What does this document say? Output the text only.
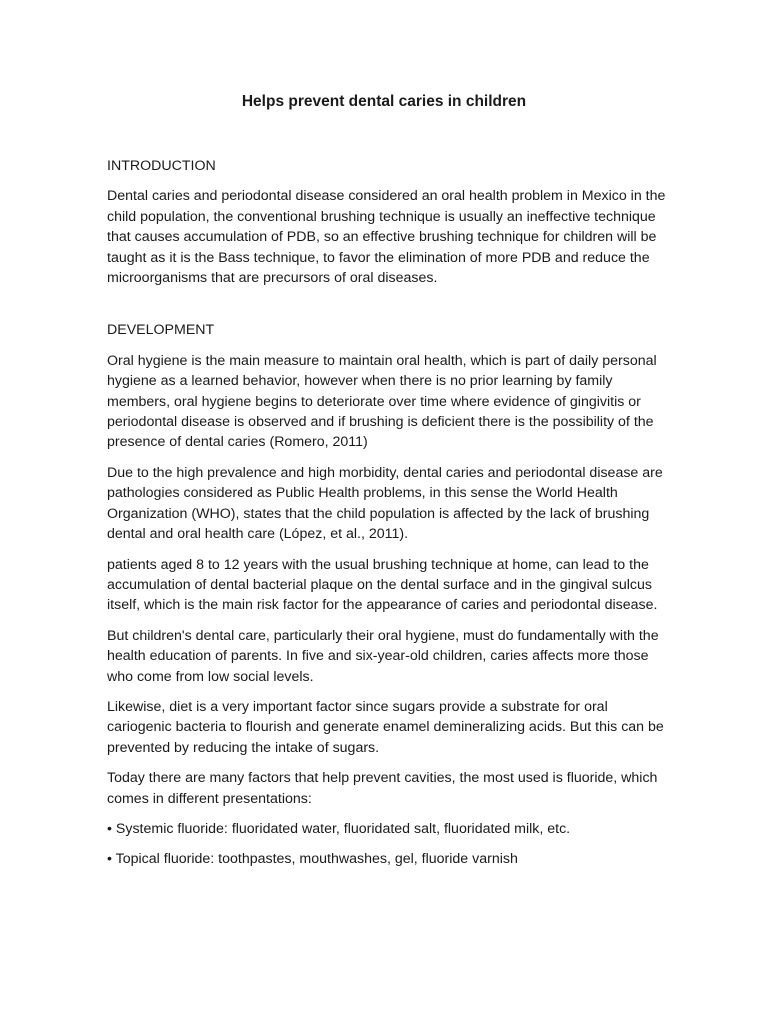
Helps prevent dental caries in children
INTRODUCTION

Dental caries and periodontal disease considered an oral health problem in Mexico in the child population, the conventional brushing technique is usually an ineffective technique that causes accumulation of PDB, so an effective brushing technique for children will be taught as it is the Bass technique, to favor the elimination of more PDB and reduce the microorganisms that are precursors of oral diseases.

DEVELOPMENT

Oral hygiene is the main measure to maintain oral health, which is part of daily personal hygiene as a learned behavior, however when there is no prior learning by family members, oral hygiene begins to deteriorate over time where evidence of gingivitis or periodontal disease is observed and if brushing is deficient there is the possibility of the presence of dental caries (Romero, 2011)

Due to the high prevalence and high morbidity, dental caries and periodontal disease are pathologies considered as Public Health problems, in this sense the World Health Organization (WHO), states that the child population is affected by the lack of brushing dental and oral health care (López, et al., 2011).

patients aged 8 to 12 years with the usual brushing technique at home, can lead to the accumulation of dental bacterial plaque on the dental surface and in the gingival sulcus itself, which is the main risk factor for the appearance of caries and periodontal disease.

But children's dental care, particularly their oral hygiene, must do fundamentally with the health education of parents. In five and six-year-old children, caries affects more those who come from low social levels.

Likewise, diet is a very important factor since sugars provide a substrate for oral cariogenic bacteria to flourish and generate enamel demineralizing acids. But this can be prevented by reducing the intake of sugars.

Today there are many factors that help prevent cavities, the most used is fluoride, which comes in different presentations:

• Systemic fluoride: fluoridated water, fluoridated salt, fluoridated milk, etc.

• Topical fluoride: toothpastes, mouthwashes, gel, fluoride varnish
